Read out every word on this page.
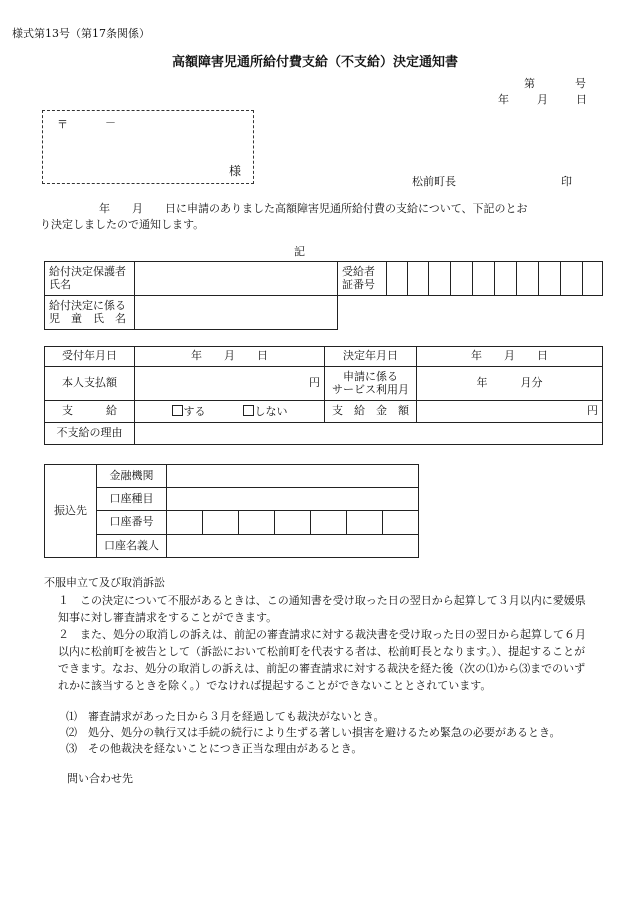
様式第13号（第17条関係）
高額障害児通所給付費支給（不支給）決定通知書
第	号
年	月	日
〒	－
様
松前町長	印
年　　月　　日に申請のありました高額障害児通所給付費の支給について、下記のとお
り決定しましたので通知します。
記
給付決定保護者
氏名		受給者
証番号										
給付決定に係る
児　童　氏　名												
受付年月日	年　　月　　日	決定年月日	年　　月　　日
本人支払額	円	申請に係る
サービス利用月	年　　　月分
支　　　給	する しない	支　給　金　額	円
不支給の理由			
振込先	金融機関							
	口座種目							
	口座番号							
	口座名義人							
不服申立て及び取消訴訟
１　この決定について不服があるときは、この通知書を受け取った日の翌日から起算して３月以内に愛媛県知事に対し審査請求をすることができます。
２　また、処分の取消しの訴えは、前記の審査請求に対する裁決書を受け取った日の翌日から起算して６月以内に松前町を被告として（訴訟において松前町を代表する者は、松前町長となります。）、提起することができます。なお、処分の取消しの訴えは、前記の審査請求に対する裁決を経た後（次の⑴から⑶までのいずれかに該当するときを除く。）でなければ提起することができないこととされています。
⑴　審査請求があった日から３月を経過しても裁決がないとき。
⑵　処分、処分の執行又は手続の続行により生ずる著しい損害を避けるため緊急の必要があるとき。
⑶　その他裁決を経ないことにつき正当な理由があるとき。
問い合わせ先
